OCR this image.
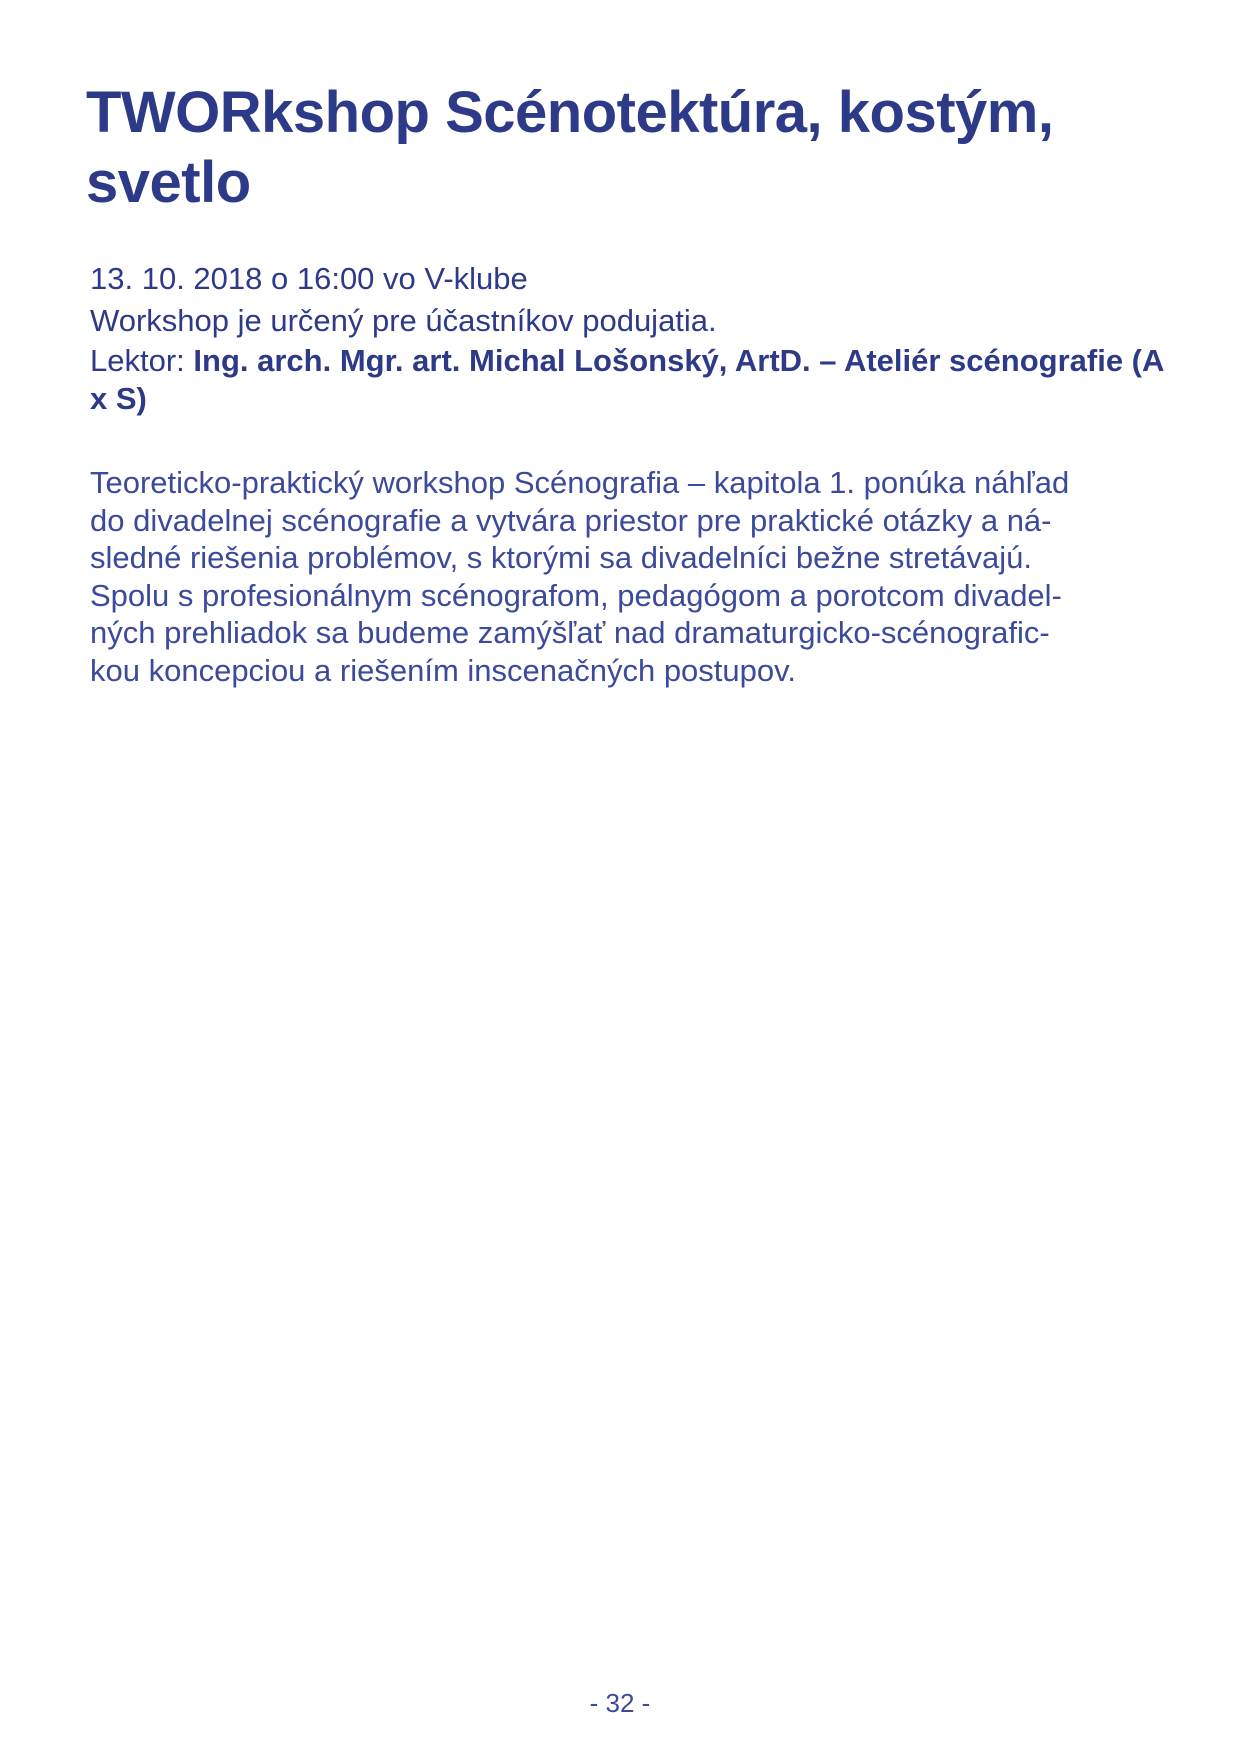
TWORkshop Scénotektúra, kostým, svetlo

13. 10. 2018 o 16:00 vo V-klube

Workshop je určený pre účastníkov podujatia.

Lektor: Ing. arch. Mgr. art. Michal Lošonský, ArtD. – Ateliér scénografie (A x S)

Teoreticko-praktický workshop Scénografia – kapitola 1. ponúka náhľad
do divadelnej scénografie a vytvára priestor pre praktické otázky a ná-
sledné riešenia problémov, s ktorými sa divadelníci bežne stretávajú.
Spolu s profesionálnym scénografom, pedagógom a porotcom divadel-
ných prehliadok sa budeme zamýšľať nad dramaturgicko-scénografic-
kou koncepciou a riešením inscenačných postupov.
- 32 -
